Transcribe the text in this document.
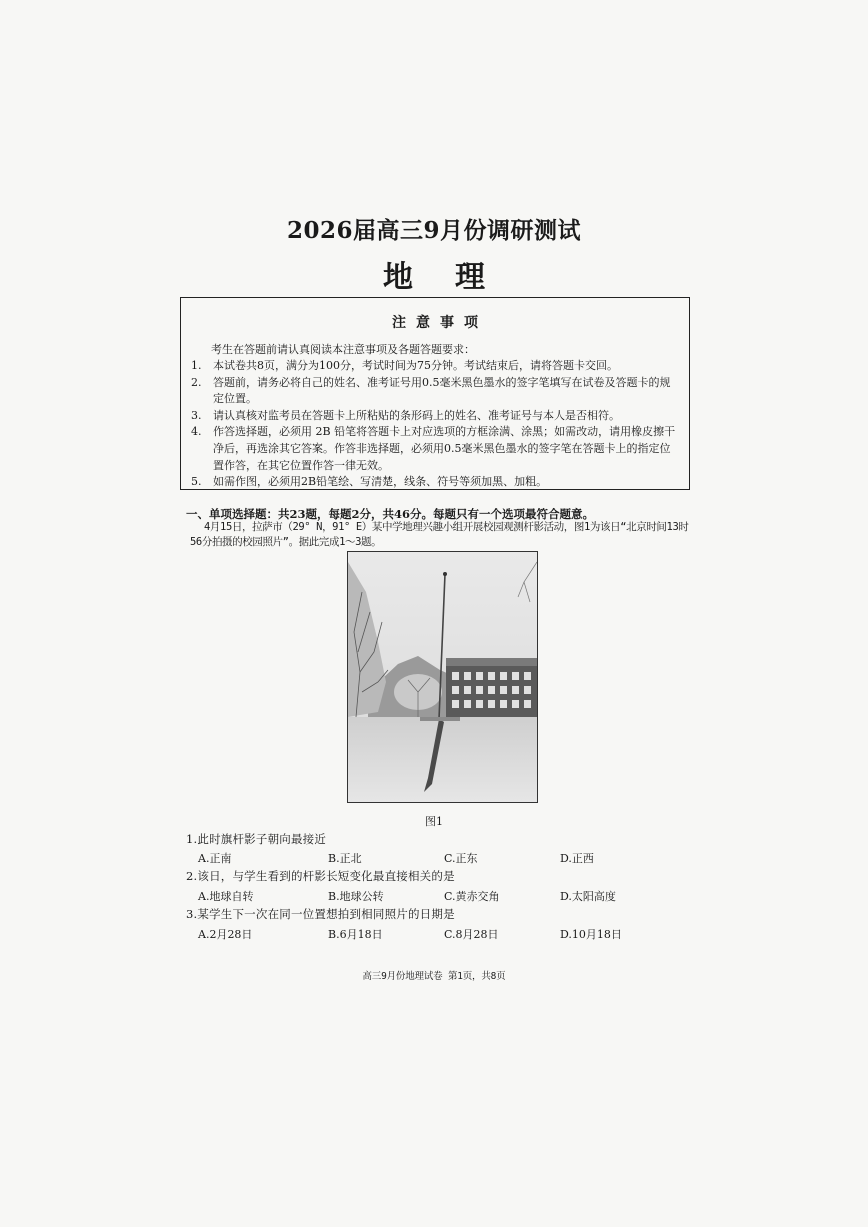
2026届高三9月份调研测试
地理
注意事项
考生在答题前请认真阅读本注意事项及各题答题要求：
1.	本试卷共8页，满分为100分，考试时间为75分钟。考试结束后，请将答题卡交回。
2.	答题前，请务必将自己的姓名、准考证号用0.5毫米黑色墨水的签字笔填写在试卷及答题卡的规定位置。
3.	请认真核对监考员在答题卡上所粘贴的条形码上的姓名、准考证号与本人是否相符。
4.	作答选择题，必须用 2B 铅笔将答题卡上对应选项的方框涂满、涂黑；如需改动，请用橡皮擦干净后，再选涂其它答案。作答非选择题，必须用0.5毫米黑色墨水的签字笔在答题卡上的指定位置作答，在其它位置作答一律无效。
5.	如需作图，必须用2B铅笔绘、写清楚，线条、符号等须加黑、加粗。
一、单项选择题：共23题，每题2分，共46分。每题只有一个选项最符合题意。
4月15日，拉萨市（29° N，91° E）某中学地理兴趣小组开展校园观测杆影活动，图1为该日“北京时间13时56分拍摄的校园照片”。据此完成1～3题。
图1
1.此时旗杆影子朝向最接近
A.正南	B.正北	C.正东	D.正西
2.该日，与学生看到的杆影长短变化最直接相关的是
A.地球自转	B.地球公转	C.黄赤交角	D.太阳高度
3.某学生下一次在同一位置想拍到相同照片的日期是
A.2月28日	B.6月18日	C.8月28日	D.10月18日
高三9月份地理试卷 第1页，共8页
